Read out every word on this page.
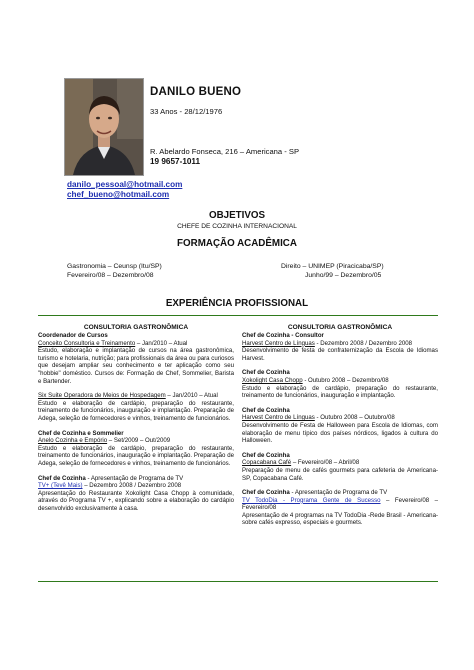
DANILO BUENO
33 Anos - 28/12/1976
R. Abelardo Fonseca, 216 – Americana - SP
19 9657-1011
danilo_pessoal@hotmail.com
chef_bueno@hotmail.com
OBJETIVOS
CHEFE DE COZINHA INTERNACIONAL
FORMAÇÃO ACADÊMICA
Gastronomia – Ceunsp (Itu/SP)
Fevereiro/08 – Dezembro/08
Direito – UNIMEP (Piracicaba/SP)
Junho/99 – Dezembro/05
EXPERIÊNCIA PROFISSIONAL
CONSULTORIA GASTRONÔMICA

Coordenador de Cursos

Conceito Consultoria e Treinamento – Jan/2010 – Atual

Estudo, elaboração e implantação de cursos na área gastronômica, turismo e hotelaria, nutrição; para profissionais da área ou para curiosos que desejam ampliar seu conhecimento e ter aplicação como seu "hobbie" doméstico. Cursos de: Formação de Chef, Sommelier, Barista e Bartender.

Six Suite Operadora de Meios de Hospedagem – Jan/2010 – Atual

Estudo e elaboração de cardápio, preparação do restaurante, treinamento de funcionários, inauguração e implantação. Preparação de Adega, seleção de fornecedores e vinhos, treinamento de funcionários.

Chef de Cozinha e Sommelier

Anelo Cozinha e Empório – Set/2009 – Out/2009

Estudo e elaboração de cardápio, preparação do restaurante, treinamento de funcionários, inauguração e implantação. Preparação de Adega, seleção de fornecedores e vinhos, treinamento de funcionários.

Chef de Cozinha - Apresentação de Programa de TV

TV+ (Tevê Mais) – Dezembro 2008 / Dezembro 2008

Apresentação do Restaurante Xokolight Casa Chopp à comunidade, através do Programa TV +, explicando sobre a elaboração do cardápio desenvolvido exclusivamente à casa.

CONSULTORIA GASTRONÔMICA

Chef de Cozinha - Consultor

Harvest Centro de Línguas - Dezembro 2008 / Dezembro 2008

Desenvolvimento de festa de confraternização da Escola de Idiomas Harvest.

Chef de Cozinha

Xokolight Casa Chopp - Outubro 2008 – Dezembro/08

Estudo e elaboração de cardápio, preparação do restaurante, treinamento de funcionários, inauguração e implantação.

Chef de Cozinha

Harvest Centro de Línguas - Outubro 2008 – Outubro/08

Desenvolvimento de Festa de Halloween para Escola de Idiomas, com elaboração de menu típico dos países nórdicos, ligados à cultura do Halloween.

Chef de Cozinha

Copacabana Café – Fevereiro/08 – Abril/08

Preparação de menu de cafés gourmets para cafeteria de Americana-SP, Copacabana Café.

Chef de Cozinha - Apresentação de Programa de TV

TV TodoDia - Programa Gente de Sucesso – Fevereiro/08 – Fevereiro/08

Apresentação de 4 programas na TV TodoDia -Rede Brasil - Americana- sobre cafés expresso, especiais e gourmets.
